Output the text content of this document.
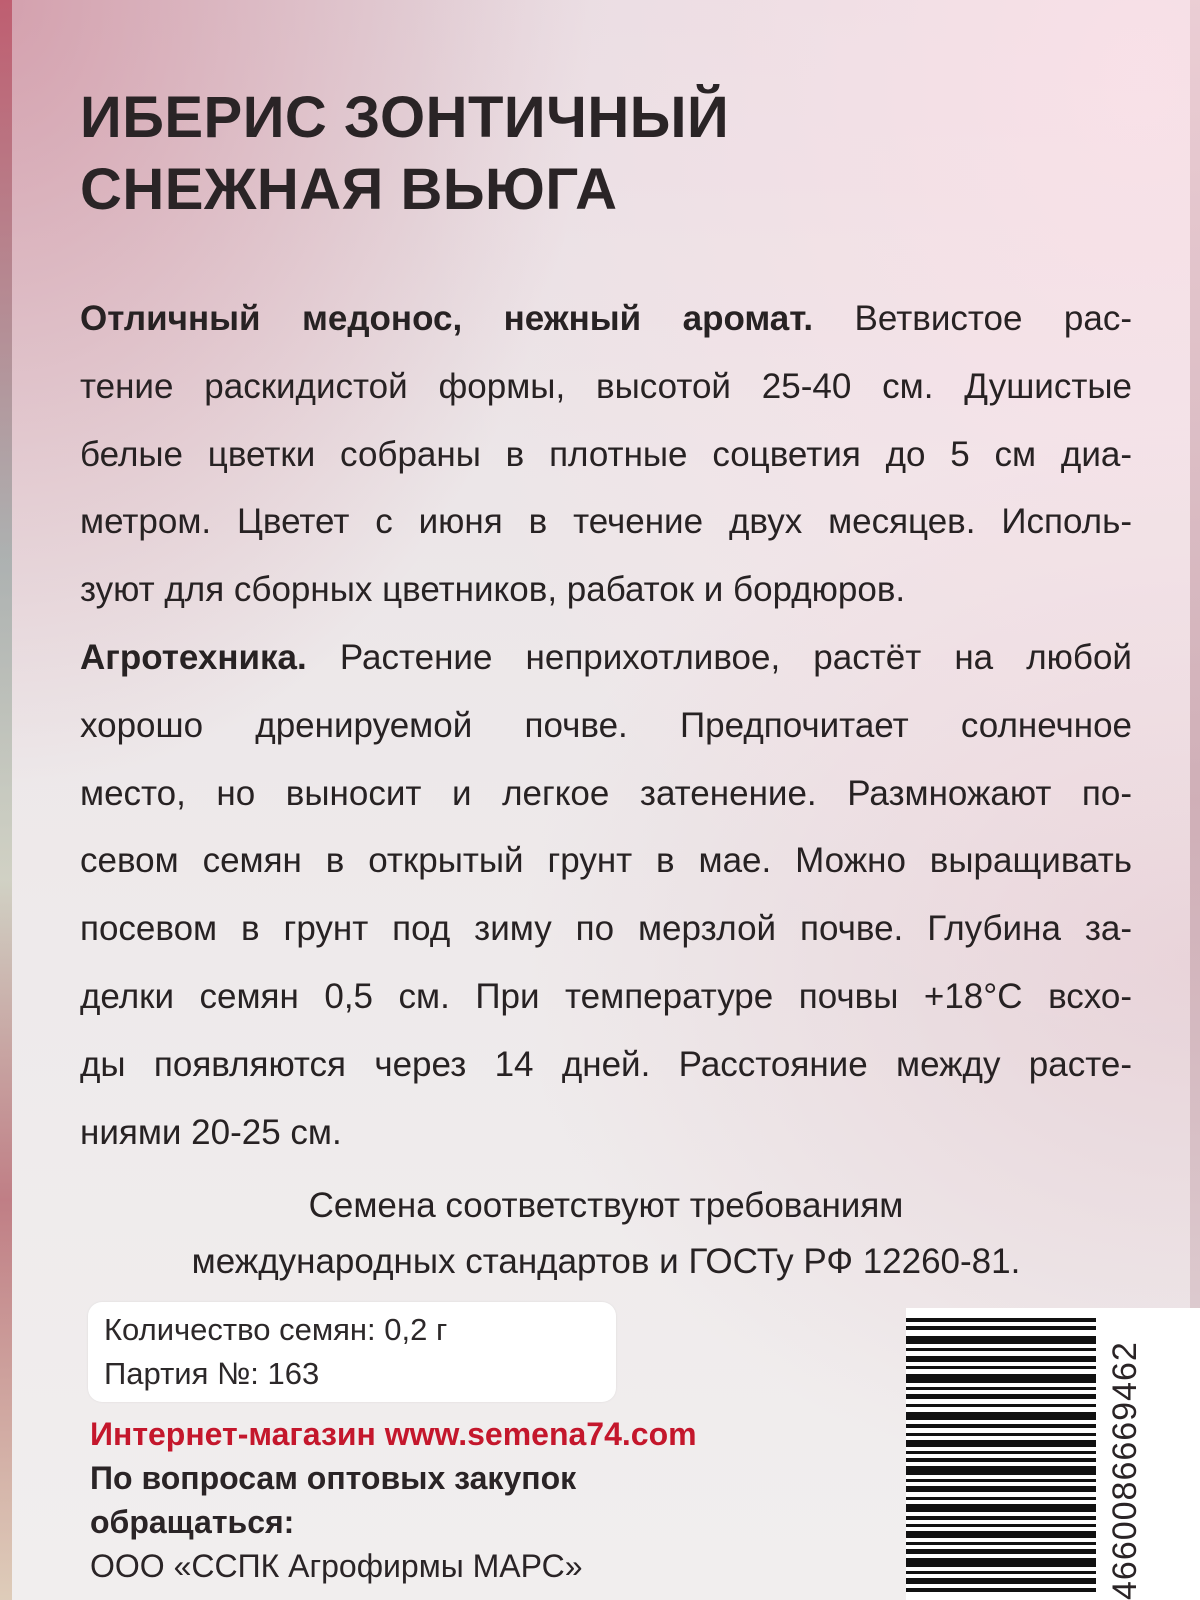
ИБЕРИС ЗОНТИЧНЫЙ
СНЕЖНАЯ ВЬЮГА
Отличный медонос, нежный аромат. Ветвистое рас-
тение раскидистой формы, высотой 25-40 см. Душистые
белые цветки собраны в плотные соцветия до 5 см диа-
метром. Цветет с июня в течение двух месяцев. Исполь-
зуют для сборных цветников, рабаток и бордюров.
Агротехника. Растение неприхотливое, растёт на любой
хорошо дренируемой почве. Предпочитает солнечное
место, но выносит и легкое затенение. Размножают по-
севом семян в открытый грунт в мае. Можно выращивать
посевом в грунт под зиму по мерзлой почве. Глубина за-
делки семян 0,5 см. При температуре почвы +18°С всхо-
ды появляются через 14 дней. Расстояние между расте-
ниями 20-25 см.
Семена соответствуют требованиям
международных стандартов и ГОСТу РФ 12260-81.
Количество семян: 0,2 г
Партия №: 163
Интернет-магазин www.semena74.com
По вопросам оптовых закупок
обращаться:
ООО «ССПК Агрофирмы МАРС»	4660086669462
